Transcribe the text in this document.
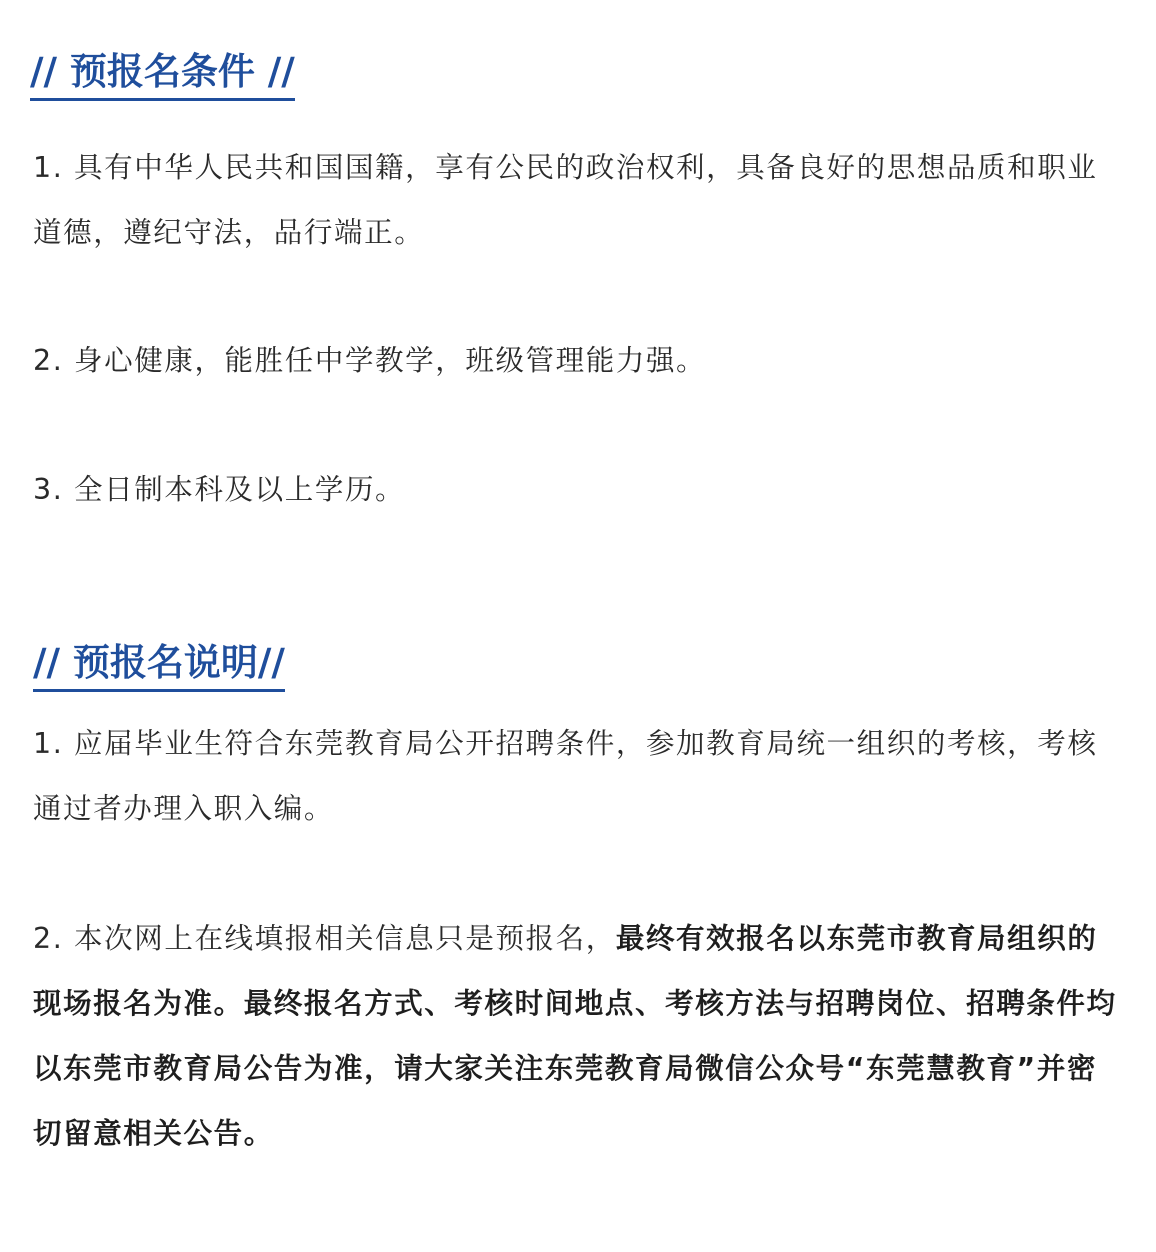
// 预报名条件 //

1. 具有中华人民共和国国籍，享有公民的政治权利，具备良好的思想品质和职业道德，遵纪守法，品行端正。

2. 身心健康，能胜任中学教学，班级管理能力强。

3. 全日制本科及以上学历。

// 预报名说明//

1. 应届毕业生符合东莞教育局公开招聘条件，参加教育局统一组织的考核，考核通过者办理入职入编。

2. 本次网上在线填报相关信息只是预报名，最终有效报名以东莞市教育局组织的现场报名为准。最终报名方式、考核时间地点、考核方法与招聘岗位、招聘条件均以东莞市教育局公告为准，请大家关注东莞教育局微信公众号“东莞慧教育”并密切留意相关公告。
